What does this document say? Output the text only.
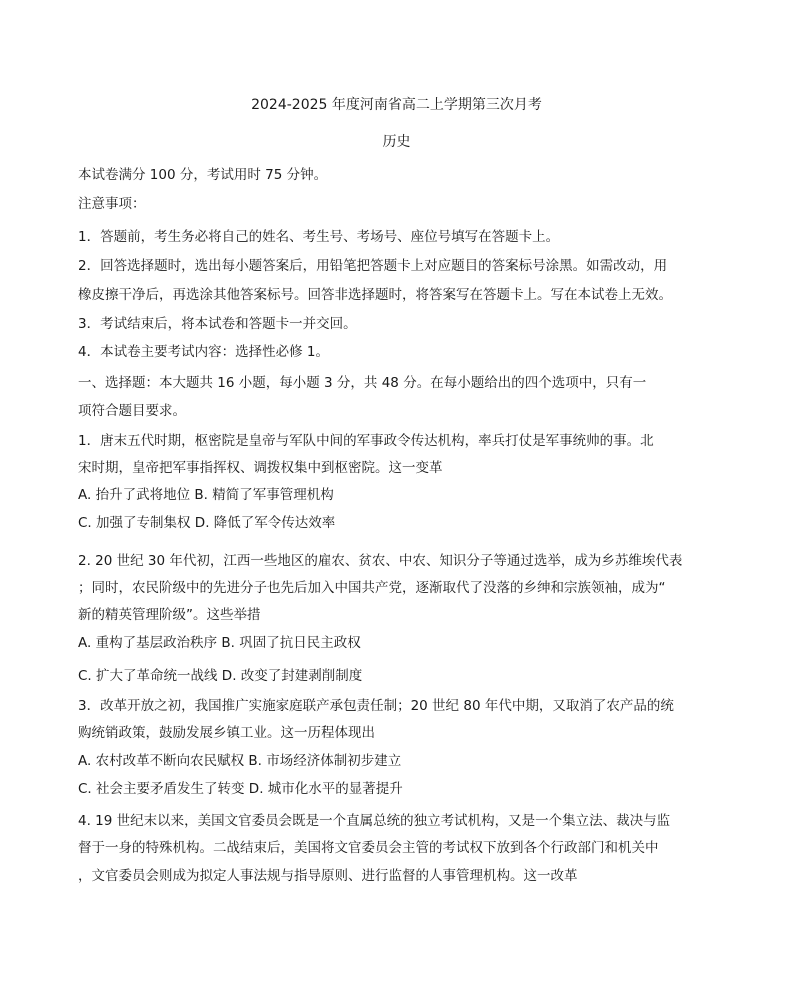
2024-2025 年度河南省高二上学期第三次月考
历史
本试卷满分 100 分，考试用时 75 分钟。
注意事项：
1．答题前，考生务必将自己的姓名、考生号、考场号、座位号填写在答题卡上。
2．回答选择题时，选出每小题答案后，用铅笔把答题卡上对应题目的答案标号涂黑。如需改动，用
橡皮擦干净后，再选涂其他答案标号。回答非选择题时，将答案写在答题卡上。写在本试卷上无效。
3．考试结束后，将本试卷和答题卡一并交回。
4．本试卷主要考试内容：选择性必修 1。
一、选择题：本大题共 16 小题，每小题 3 分，共 48 分。在每小题给出的四个选项中，只有一
项符合题目要求。
1．唐末五代时期，枢密院是皇帝与军队中间的军事政令传达机构，率兵打仗是军事统帅的事。北
宋时期，皇帝把军事指挥权、调拨权集中到枢密院。这一变革
A. 抬升了武将地位 B. 精简了军事管理机构
C. 加强了专制集权 D. 降低了军令传达效率
2. 20 世纪 30 年代初，江西一些地区的雇农、贫农、中农、知识分子等通过选举，成为乡苏维埃代表
；同时，农民阶级中的先进分子也先后加入中国共产党，逐渐取代了没落的乡绅和宗族领袖，成为“
新的精英管理阶级”。这些举措
A. 重构了基层政治秩序 B. 巩固了抗日民主政权
C. 扩大了革命统一战线 D. 改变了封建剥削制度
3．改革开放之初，我国推广实施家庭联产承包责任制；20 世纪 80 年代中期，又取消了农产品的统
购统销政策，鼓励发展乡镇工业。这一历程体现出
A. 农村改革不断向农民赋权 B. 市场经济体制初步建立
C. 社会主要矛盾发生了转变 D. 城市化水平的显著提升
4. 19 世纪末以来，美国文官委员会既是一个直属总统的独立考试机构，又是一个集立法、裁决与监
督于一身的特殊机构。二战结束后，美国将文官委员会主管的考试权下放到各个行政部门和机关中
，文官委员会则成为拟定人事法规与指导原则、进行监督的人事管理机构。这一改革
